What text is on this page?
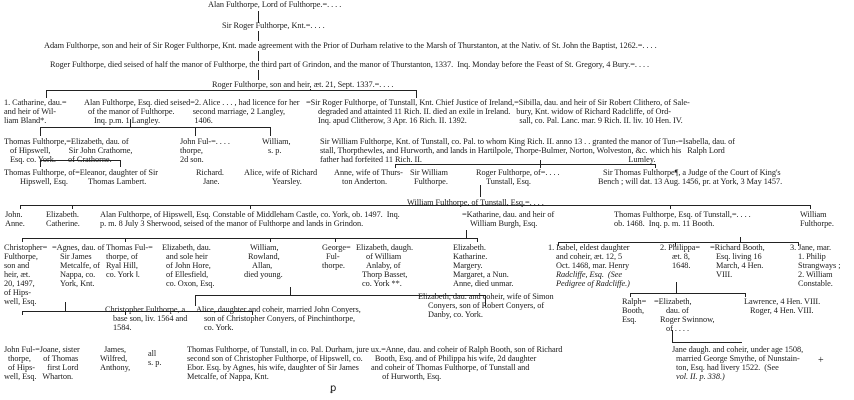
Alan Fulthorpe, Lord of Fulthorpe.=. . . .
Sir Roger Fulthorpe, Knt.=. . . .
Adam Fulthorpe, son and heir of Sir Roger Fulthorpe, Knt. made agreement with the Prior of Durham relative to the Marsh of Thurstanton, at the Nativ. of St. John the Baptist, 1262.=. . . .
Roger Fulthorpe, died seised of half the manor of Fulthorpe, the third part of Grindon, and the manor of Thurstanton, 1337.  Inq. Monday before the Feast of St. Gregory, 4 Bury.=. . . .
Roger Fulthorpe, son and heir, æt. 21, Sept. 1337.=. . . .
1. Catharine, dau.=
and heir of Wil-
liam Bland*.
Alan Fulthorpe, Esq. died seised=2. Alice . . . , had licence for her
of the manor of Fulthorpe.         second marriage, 2 Langley,
Inq. p.m. 1 Langley.                 1406.
=Sir Roger Fulthorpe, of Tunstall, Knt. Chief Justice of Ireland,=Sibilla, dau. and heir of Sir Robert Clithero, of Sale-
degraded and attainted 11 Rich. II. died an exile in Ireland.   bury, Knt. widow of Richard Radcliffe, of Ord-
Inq. apud Clitherow, 3 Apr. 16 Rich. II. 1392.                          sall, co. Pal. Lanc. mar. 9 Rich. II. liv. 10 Hen. IV.
Thomas Fulthorpe,=Elizabeth, dau. of
of Hipswell,         Sir John Crathorne,
Esq. co. York.      of Crathorne.
John Ful-=. . . .
thorpe,
2d son.
William,
s. p.
Sir William Fulthorpe, Knt. of Tunstall, co. Pal. to whom King Rich. II. anno 13 . . granted the manor of Tun-=Isabella, dau. of
stall, Thorpthewles, and Hurworth, and lands in Hartilpole, Thorpe-Bulmer, Norton, Wolveston, &c. which his   Ralph Lord
father had forfeited 11 Rich. II.                                                                                                      Lumley.
Thomas Fulthorpe, of=Eleanor, daughter of Sir
Hipswell, Esq.          Thomas Lambert.
Richard.
Jane.
Alice, wife of Richard
Yearsley.
Anne, wife of Thurs-
ton Anderton.
Sir William
Fulthorpe.
Roger Fulthorpe, of=. . . .
Tunstall, Esq.
Sir Thomas Fulthorpe¶, a Judge of the Court of King's
Bench ; will dat. 13 Aug. 1456, pr. at York, 3 May 1457.
William Fulthorpe, of Tunstall, Esq.=. . . .
John.
Anne.
Elizabeth.
Catherine.
Alan Fulthorpe, of Hipswell, Esq. Constable of Middleham Castle, co. York, ob. 1497.  Inq.
p. m. 8 July 3 Sherwood, seised of the manor of Fulthorpe and lands in Grindon.
=Katharine, dau. and heir of
William Burgh, Esq.
Thomas Fulthorpe, Esq. of Tunstall,=. . . .
ob. 1468.  Inq. p. m. 11 Booth.
William
Fulthorpe.
Christopher=
Fulthorpe,
son and
heir, æt.
20, 1497,
of Hips-
well, Esq.
=Agnes, dau. of
Sir James
Metcalfe, of
Nappa, co.
York, Knt.
Thomas Ful-=
thorpe, of
Ryal Hill,
co. York ‖.
Elizabeth, dau.
and sole heir
of John Hore,
of Ellesfield,
co. Oxon, Esq.
William,
Rowland,
Allan,
died young.
George=
Ful-
thorpe.
Elizabeth, daugh.
of William
Anlaby, of
Thorp Basset,
co. York **.
Elizabeth.
Katharine.
Margery.
Margaret, a Nun.
Anne, died unmar.
1. Isabel, eldest daughter
and coheir, æt. 12, 5
Oct. 1468, mar. Henry
Radcliffe, Esq.  (See
Pedigree of Radcliffe.)
2. Philippa=
æt. 8,
1648.
=Richard Booth,
Esq. living 16
March, 4 Hen.
VIII.
3. Jane, mar.
1. Philip
Strangways ;
2. William
Constable.
Christopher Fulthorpe, a
base son, liv. 1564 and
1584.
Alice, daughter and coheir, married John Conyers,
son of Christopher Conyers, of Pinchinthorpe,
co. York.
Elizabeth, dau. and coheir, wife of Simon
Conyers, son of Robert Conyers, of
Danby, co. York.
Ralph=
Booth,
Esq.
=Elizabeth,
dau. of
Roger Swinnow,
of . . . .
Lawrence, 4 Hen. VIII.
Roger, 4 Hen. VIII.
John Ful-=Joane, sister
thorpe,      of Thomas
of Hips-      first Lord
well, Esq.   Wharton.
James,
Wilfred,
Anthony,
all
s. p.
Thomas Fulthorpe, of Tunstall, in co. Pal. Durham, jure ux.=Anne, dau. and coheir of Ralph Booth, son of Richard
second son of Christopher Fulthorpe, of Hipswell, co.      Booth, Esq. and of Philippa his wife, 2d daughter
Ebor. Esq. by Agnes, his wife, daughter of Sir James      and coheir of Thomas Fulthorpe, of Tunstall and
Metcalfe, of Nappa, Knt.                                                        of Hurworth, Esq.
Jane daugh. and coheir, under age 1508,
married George Smythe, of Nunstain-
ton, Esq. had livery 1522.  (See
vol. II. p. 338.)
ꝑ
+
